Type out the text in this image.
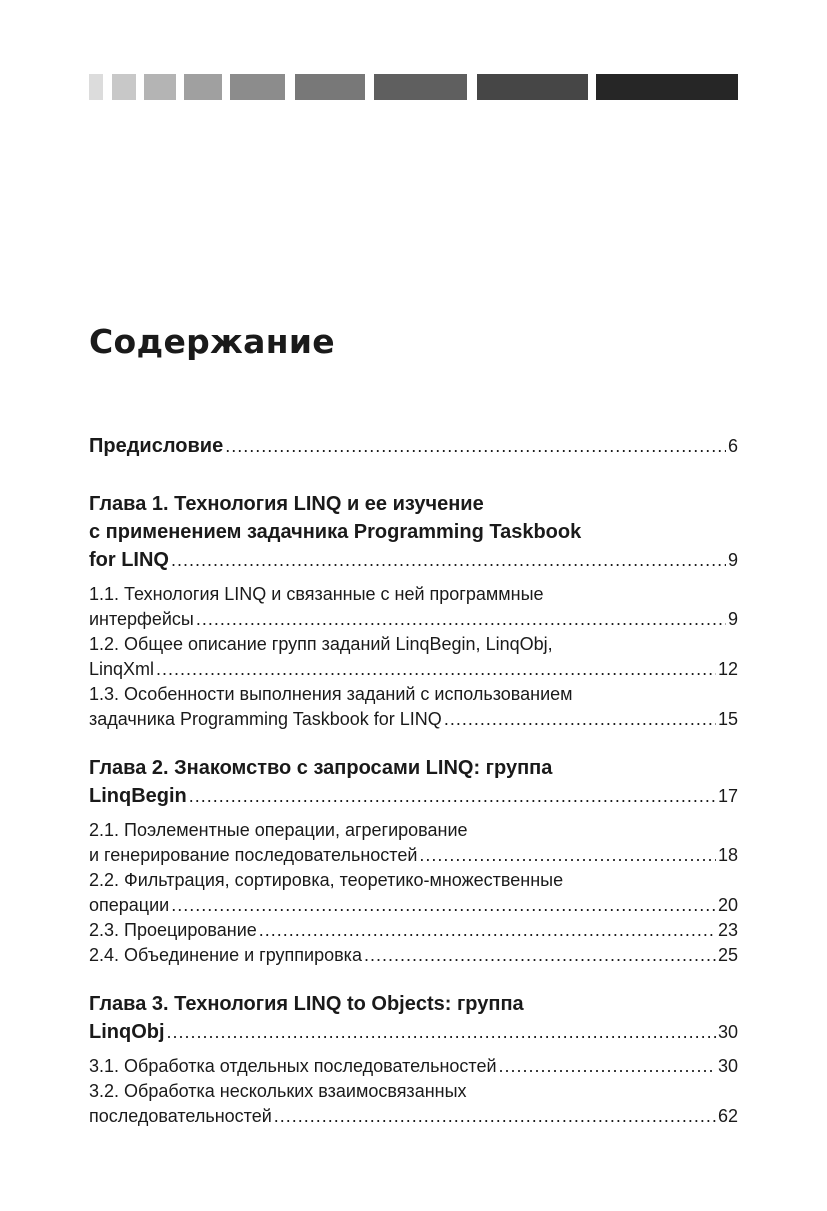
Содержание
Предисловие .....	6
Глава 1. Технология LINQ и ее изучение
с применением задачника Programming Taskbook
for LINQ .....	9
1.1. Технология LINQ и связанные с ней программные
интерфейсы .....	9
1.2. Общее описание групп заданий LinqBegin, LinqObj,
LinqXml .....	12
1.3. Особенности выполнения заданий с использованием
задачника Programming Taskbook for LINQ .....	15
Глава 2. Знакомство с запросами LINQ: группа
LinqBegin .....	17
2.1. Поэлементные операции, агрегирование
и генерирование последовательностей .....	18
2.2. Фильтрация, сортировка, теоретико-множественные
операции .....	20
2.3. Проецирование .....	23
2.4. Объединение и группировка .....	25
Глава 3. Технология LINQ to Objects: группа
LinqObj .....	30
3.1. Обработка отдельных последовательностей .....	30
3.2. Обработка нескольких взаимосвязанных
последовательностей .....	62
